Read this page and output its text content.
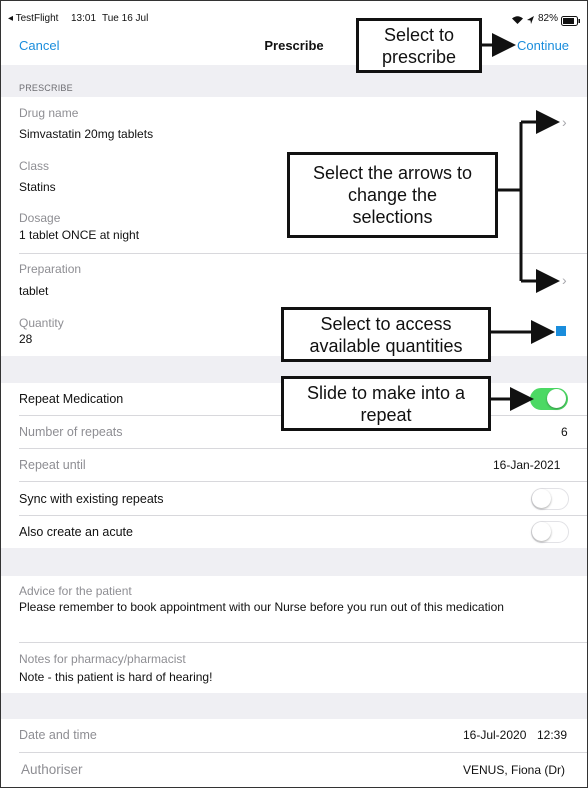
◂ TestFlight 13:01 Tue 16 Jul	82%
Cancel	Prescribe	Continue
PRESCRIBE
Drug name
Simvastatin 20mg tablets
›
Class
Statins
Dosage
1 tablet ONCE at night
Preparation
tablet
›
Quantity
28
Repeat Medication
Number of repeats	6
Repeat until	16-Jan-2021
Sync with existing repeats
Also create an acute
Advice for the patient
Please remember to book appointment with our Nurse before you run out of this medication
Notes for pharmacy/pharmacist
Note - this patient is hard of hearing!
Date and time	16-Jul-2020 12:39
Authoriser	VENUS, Fiona (Dr)
Select to
prescribe
Select the arrows to
change the
selections
Select to access
available quantities
Slide to make into a
repeat
